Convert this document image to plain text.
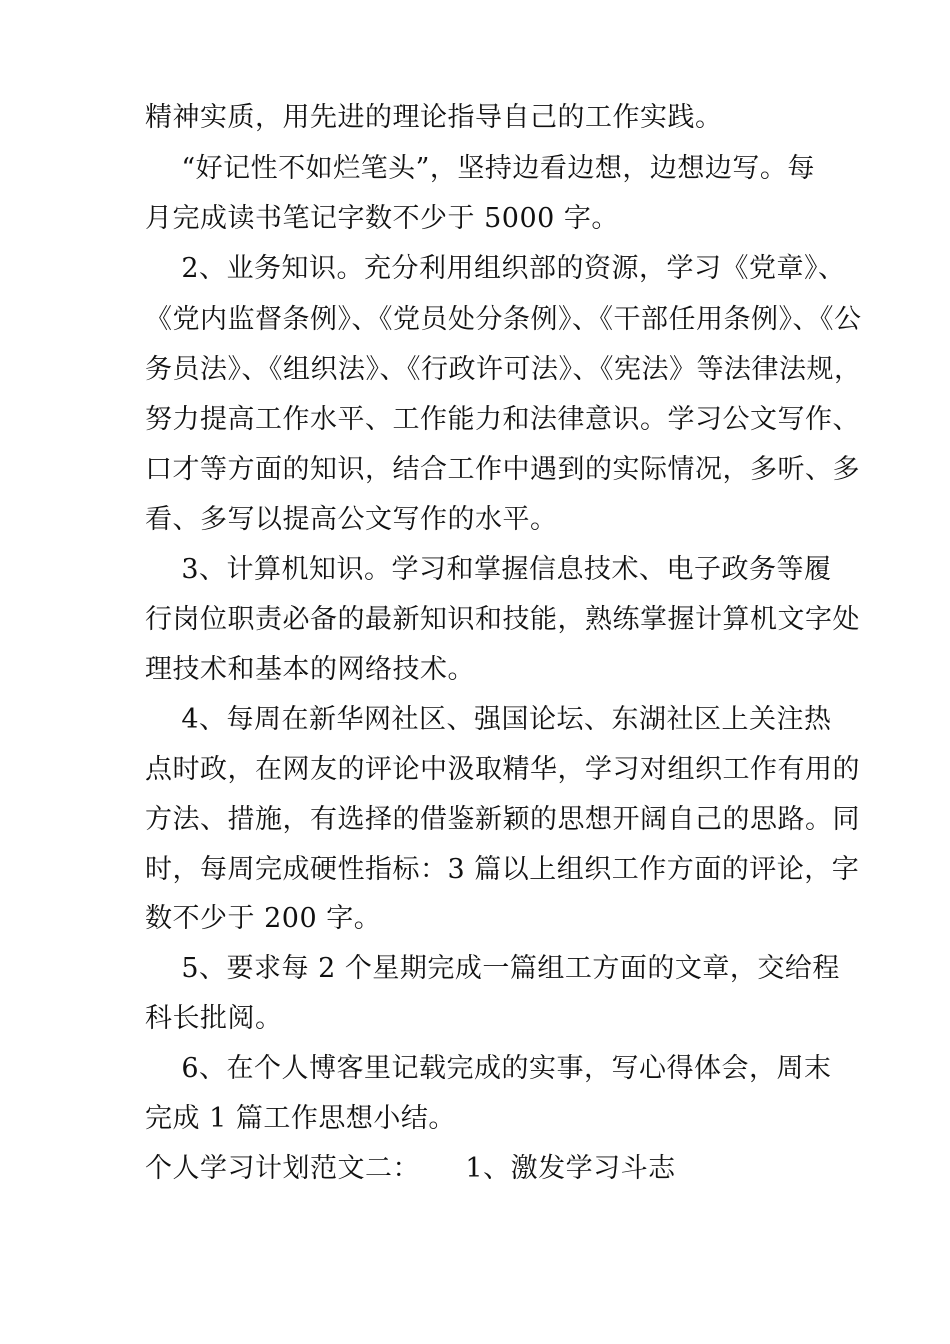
精神实质，用先进的理论指导自己的工作实践。
“好记性不如烂笔头”，坚持边看边想，边想边写。每
月完成读书笔记字数不少于 5000 字。
2、业务知识。充分利用组织部的资源，学习《党章》、
《党内监督条例》、《党员处分条例》、《干部任用条例》、《公
务员法》、《组织法》、《行政许可法》、《宪法》等法律法规，
努力提高工作水平、工作能力和法律意识。学习公文写作、
口才等方面的知识，结合工作中遇到的实际情况，多听、多
看、多写以提高公文写作的水平。
3、计算机知识。学习和掌握信息技术、电子政务等履
行岗位职责必备的最新知识和技能，熟练掌握计算机文字处
理技术和基本的网络技术。
4、每周在新华网社区、强国论坛、东湖社区上关注热
点时政，在网友的评论中汲取精华，学习对组织工作有用的
方法、措施，有选择的借鉴新颖的思想开阔自己的思路。同
时，每周完成硬性指标：3 篇以上组织工作方面的评论，字
数不少于 200 字。
5、要求每 2 个星期完成一篇组工方面的文章，交给程
科长批阅。
6、在个人博客里记载完成的实事，写心得体会，周末
完成 1 篇工作思想小结。
个人学习计划范文二：     1、激发学习斗志
